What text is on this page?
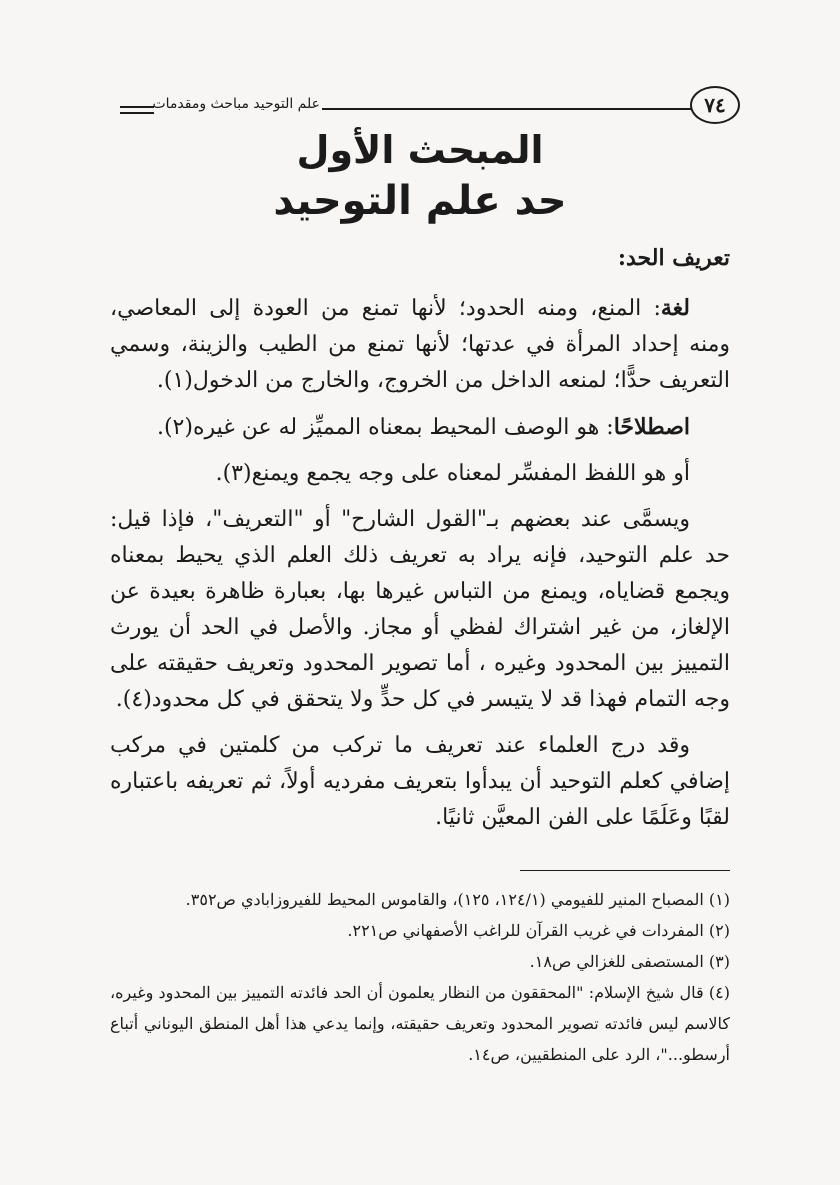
٧٤
علم التوحيد مباحث ومقدمات
المبحث الأول
حد علم التوحيد

تعريف الحد:

لغة: المنع، ومنه الحدود؛ لأنها تمنع من العودة إلى المعاصي، ومنه إحداد المرأة في عدتها؛ لأنها تمنع من الطيب والزينة، وسمي التعريف حدًّا؛ لمنعه الداخل من الخروج، والخارج من الدخول(١).

اصطلاحًا: هو الوصف المحيط بمعناه المميِّز له عن غيره(٢).

أو هو اللفظ المفسِّر لمعناه على وجه يجمع ويمنع(٣).

ويسمَّى عند بعضهم بـ"القول الشارح" أو "التعريف"، فإذا قيل: حد علم التوحيد، فإنه يراد به تعريف ذلك العلم الذي يحيط بمعناه ويجمع قضاياه، ويمنع من التباس غيرها بها، بعبارة ظاهرة بعيدة عن الإلغاز، من غير اشتراك لفظي أو مجاز. والأصل في الحد أن يورث التمييز بين المحدود وغيره ، أما تصوير المحدود وتعريف حقيقته على وجه التمام فهذا قد لا يتيسر في كل حدٍّ ولا يتحقق في كل محدود(٤).

وقد درج العلماء عند تعريف ما تركب من كلمتين في مركب إضافي كعلم التوحيد أن يبدأوا بتعريف مفرديه أولاً، ثم تعريفه باعتباره لقبًا وعَلَمًا على الفن المعيَّن ثانيًا.

(١) المصباح المنير للفيومي (١٢٤/١، ١٢٥)، والقاموس المحيط للفيروزابادي ص٣٥٢.

(٢) المفردات في غريب القرآن للراغب الأصفهاني ص٢٢١.

(٣) المستصفى للغزالي ص١٨.

(٤) قال شيخ الإسلام: "المحققون من النظار يعلمون أن الحد فائدته التمييز بين المحدود وغيره، كالاسم ليس فائدته تصوير المحدود وتعريف حقيقته، وإنما يدعي هذا أهل المنطق اليوناني أتباع أرسطو..."، الرد على المنطقيين، ص١٤.
